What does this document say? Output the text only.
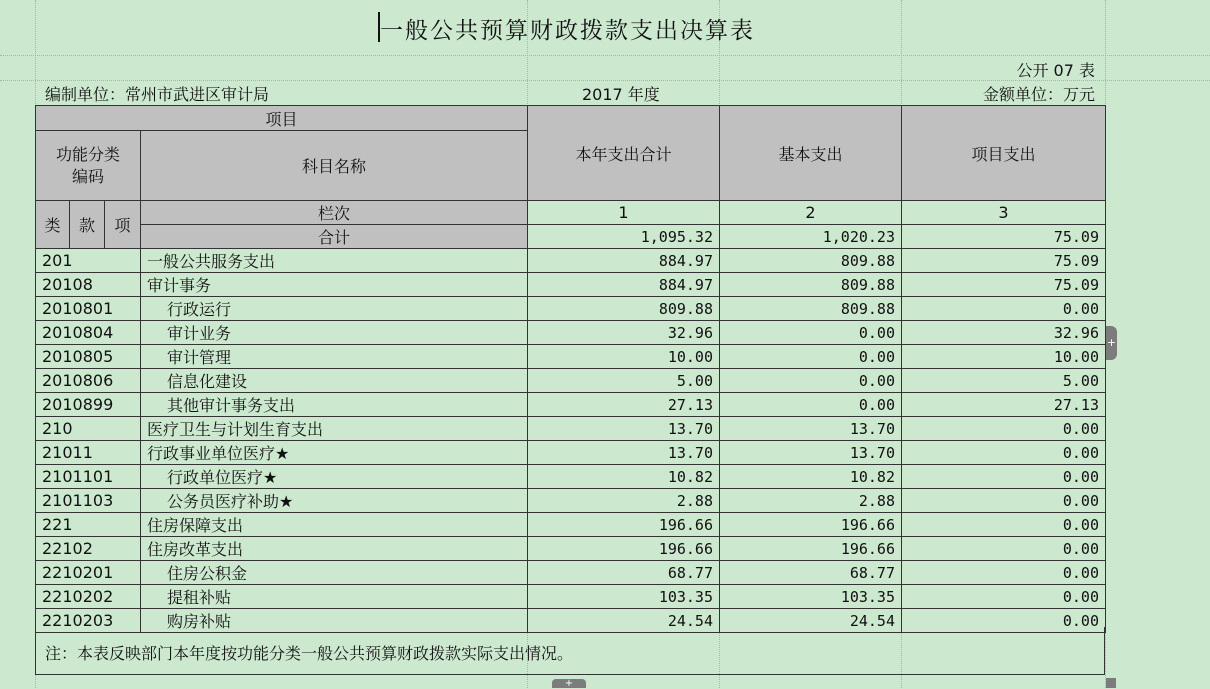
一般公共预算财政拨款支出决算表
公开 07 表
编制单位：常州市武进区审计局	2017 年度	金额单位：万元
项目				本年支出合计	基本支出	项目支出
功能分类
编码			科目名称			
类	款	项	栏次	1	2	3
			合计	1,095.32	1,020.23	75.09
201			一般公共服务支出	884.97	809.88	75.09
20108			审计事务	884.97	809.88	75.09
2010801			行政运行	809.88	809.88	0.00
2010804			审计业务	32.96	0.00	32.96
2010805			审计管理	10.00	0.00	10.00
2010806			信息化建设	5.00	0.00	5.00
2010899			其他审计事务支出	27.13	0.00	27.13
210			医疗卫生与计划生育支出	13.70	13.70	0.00
21011			行政事业单位医疗★	13.70	13.70	0.00
2101101			行政单位医疗★	10.82	10.82	0.00
2101103			公务员医疗补助★	2.88	2.88	0.00
221			住房保障支出	196.66	196.66	0.00
22102			住房改革支出	196.66	196.66	0.00
2210201			住房公积金	68.77	68.77	0.00
2210202			提租补贴	103.35	103.35	0.00
2210203			购房补贴	24.54	24.54	0.00
注：本表反映部门本年度按功能分类一般公共预算财政拨款实际支出情况。
+
+
